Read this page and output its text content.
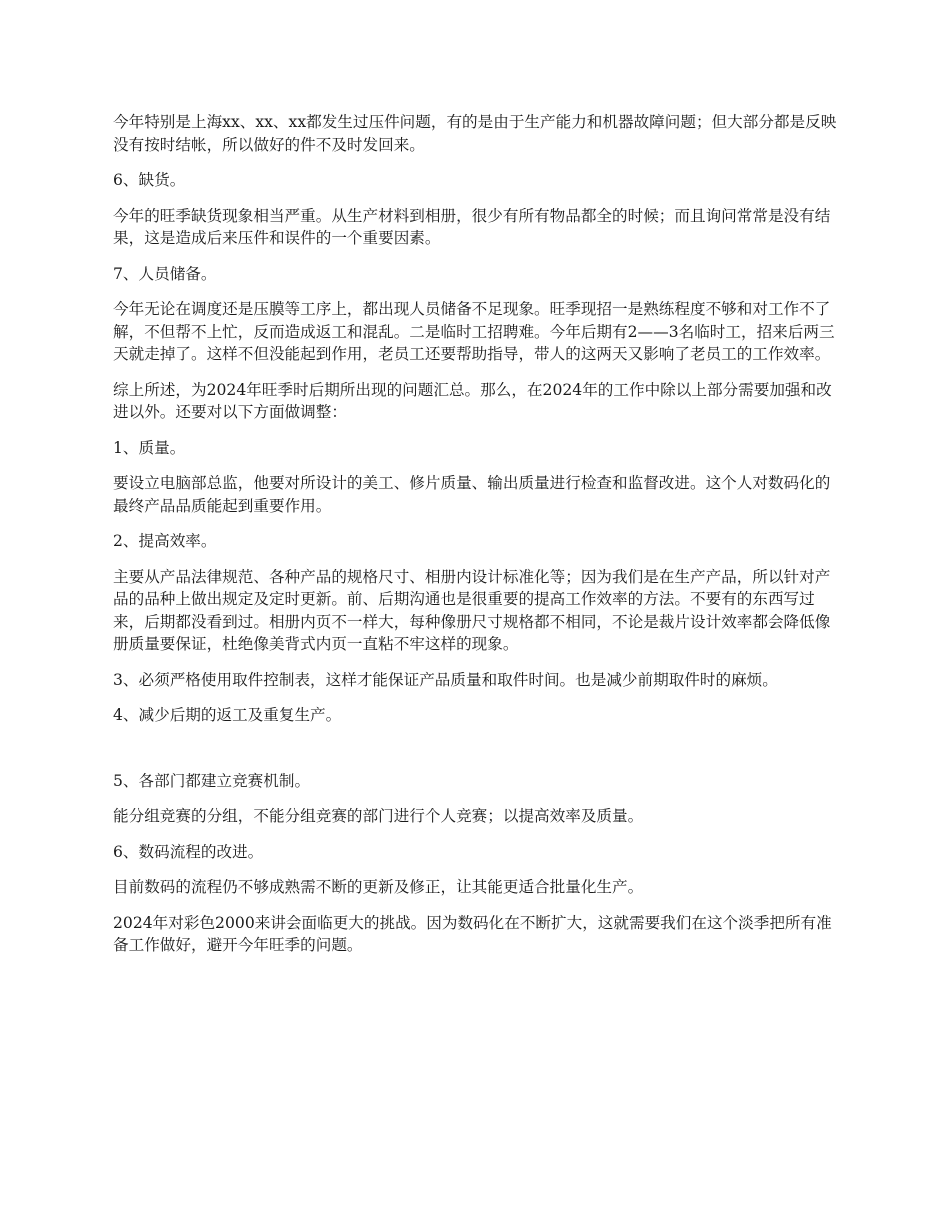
今年特别是上海xx、xx、xx都发生过压件问题，有的是由于生产能力和机器故障问题；但大部分都是反映没有按时结帐，所以做好的件不及时发回来。

6、缺货。

今年的旺季缺货现象相当严重。从生产材料到相册，很少有所有物品都全的时候；而且询问常常是没有结果，这是造成后来压件和误件的一个重要因素。

7、人员储备。

今年无论在调度还是压膜等工序上，都出现人员储备不足现象。旺季现招一是熟练程度不够和对工作不了解，不但帮不上忙，反而造成返工和混乱。二是临时工招聘难。今年后期有2——3名临时工，招来后两三天就走掉了。这样不但没能起到作用，老员工还要帮助指导，带人的这两天又影响了老员工的工作效率。

综上所述，为2024年旺季时后期所出现的问题汇总。那么，在2024年的工作中除以上部分需要加强和改进以外。还要对以下方面做调整：

1、质量。

要设立电脑部总监，他要对所设计的美工、修片质量、输出质量进行检查和监督改进。这个人对数码化的最终产品品质能起到重要作用。

2、提高效率。

主要从产品法律规范、各种产品的规格尺寸、相册内设计标准化等；因为我们是在生产产品，所以针对产品的品种上做出规定及定时更新。前、后期沟通也是很重要的提高工作效率的方法。不要有的东西写过来，后期都没看到过。相册内页不一样大，每种像册尺寸规格都不相同，不论是裁片设计效率都会降低像册质量要保证，杜绝像美背式内页一直粘不牢这样的现象。

3、必须严格使用取件控制表，这样才能保证产品质量和取件时间。也是减少前期取件时的麻烦。

4、减少后期的返工及重复生产。

5、各部门都建立竞赛机制。

能分组竞赛的分组，不能分组竞赛的部门进行个人竞赛；以提高效率及质量。

6、数码流程的改进。

目前数码的流程仍不够成熟需不断的更新及修正，让其能更适合批量化生产。

2024年对彩色2000来讲会面临更大的挑战。因为数码化在不断扩大，这就需要我们在这个淡季把所有准备工作做好，避开今年旺季的问题。
